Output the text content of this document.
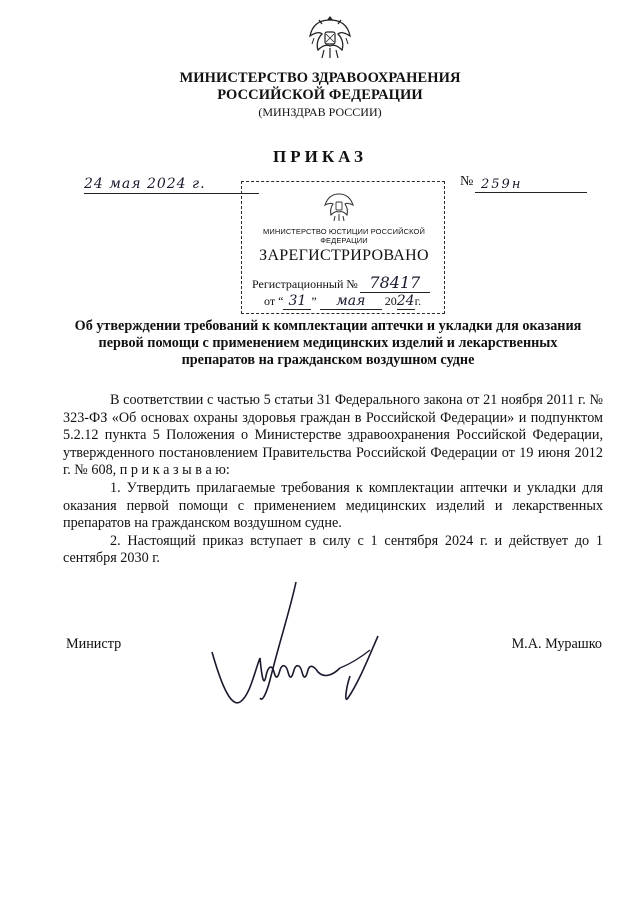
МИНИСТЕРСТВО ЗДРАВООХРАНЕНИЯ
РОССИЙСКОЙ ФЕДЕРАЦИИ
(МИНЗДРАВ РОССИИ)
ПРИКАЗ
24 мая 2024 г.	№ 259н
МИНИСТЕРСТВО ЮСТИЦИИ РОССИЙСКОЙ ФЕДЕРАЦИИ
ЗАРЕГИСТРИРОВАНО
Регистрационный № 78417
от “ 31 ” мая 2024г.
Об утверждении требований к комплектации аптечки и укладки для оказания
первой помощи с применением медицинских изделий и лекарственных
препаратов на гражданском воздушном судне

В соответствии с частью 5 статьи 31 Федерального закона от 21 ноября 2011 г. № 323-ФЗ «Об основах охраны здоровья граждан в Российской Федерации» и подпунктом 5.2.12 пункта 5 Положения о Министерстве здравоохранения Российской Федерации, утвержденного постановлением Правительства Российской Федерации от 19 июня 2012 г. № 608, п р и к а з ы в а ю:

1. Утвердить прилагаемые требования к комплектации аптечки и укладки для оказания первой помощи с применением медицинских изделий и лекарственных препаратов на гражданском воздушном судне.

2. Настоящий приказ вступает в силу с 1 сентября 2024 г. и действует до 1 сентября 2030 г.

Министр	М.А. Мурашко
